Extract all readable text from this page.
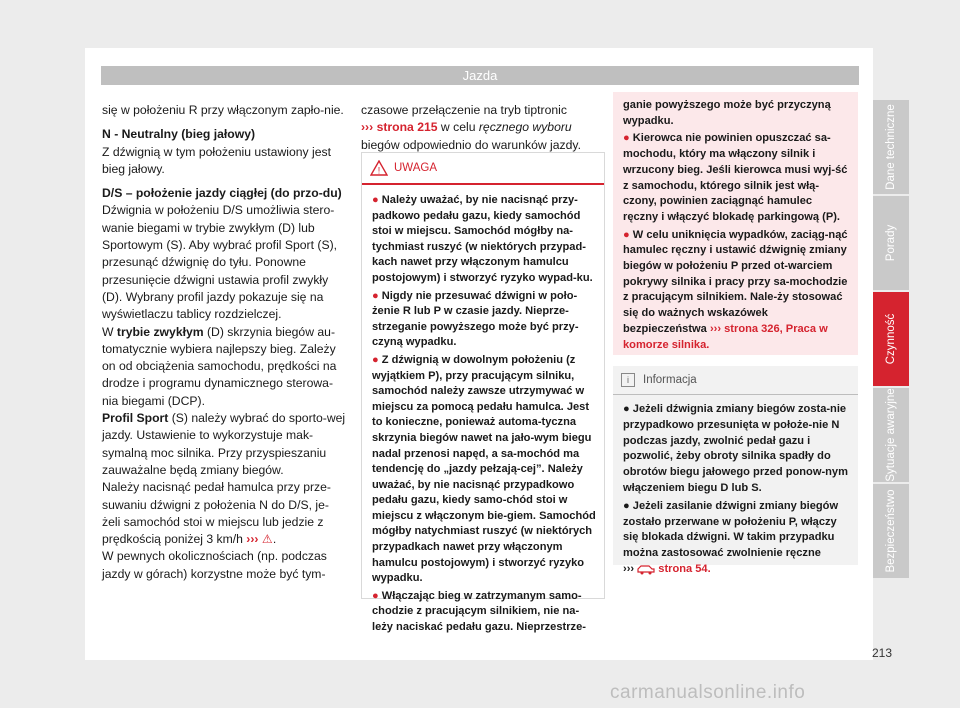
Jazda

się w położeniu R przy włączonym zapło-nie.

N - Neutralny (bieg jałowy)

Z dźwignią w tym położeniu ustawiony jest bieg jałowy.

D/S – położenie jazdy ciągłej (do przo-du)

Dźwignia w położeniu D/S umożliwia stero-wanie biegami w trybie zwykłym (D) lub Sportowym (S). Aby wybrać profil Sport (S), przesunąć dźwignię do tyłu. Ponowne przesunięcie dźwigni ustawia profil zwykły (D). Wybrany profil jazdy pokazuje się na wyświetlaczu tablicy rozdzielczej.

W trybie zwykłym (D) skrzynia biegów au-tomatycznie wybiera najlepszy bieg. Zależy on od obciążenia samochodu, prędkości na drodze i programu dynamicznego sterowa-nia biegami (DCP).

Profil Sport (S) należy wybrać do sporto-wej jazdy. Ustawienie to wykorzystuje mak-symalną moc silnika. Przy przyspieszaniu zauważalne będą zmiany biegów.

Należy nacisnąć pedał hamulca przy prze-suwaniu dźwigni z położenia N do D/S, je-żeli samochód stoi w miejscu lub jedzie z prędkością poniżej 3 km/h ››› ⚠.

W pewnych okolicznościach (np. podczas jazdy w górach) korzystne może być tym-

czasowe przełączenie na tryb tiptronic
››› strona 215 w celu ręcznego wyboru biegów odpowiednio do warunków jazdy.

! UWAGA
● Należy uważać, by nie nacisnąć przy-padkowo pedału gazu, kiedy samochód stoi w miejscu. Samochód mógłby na-tychmiast ruszyć (w niektórych przypad-kach nawet przy włączonym hamulcu postojowym) i stworzyć ryzyko wypad-ku.
● Nigdy nie przesuwać dźwigni w poło-żenie R lub P w czasie jazdy. Nieprze-strzeganie powyższego może być przy-czyną wypadku.
● Z dźwignią w dowolnym położeniu (z wyjątkiem P), przy pracującym silniku, samochód należy zawsze utrzymywać w miejscu za pomocą pedału hamulca. Jest to konieczne, ponieważ automa-tyczna skrzynia biegów nawet na jało-wym biegu nadal przenosi napęd, a sa-mochód ma tendencję do „jazdy pełzają-cej”. Należy uważać, by nie nacisnąć przypadkowo pedału gazu, kiedy samo-chód stoi w miejscu z włączonym bie-giem. Samochód mógłby natychmiast ruszyć (w niektórych przypadkach nawet przy włączonym hamulcu postojowym) i stworzyć ryzyko wypadku.
● Włączając bieg w zatrzymanym samo-chodzie z pracującym silnikiem, nie na-leży naciskać pedału gazu. Nieprzestrze-
ganie powyższego może być przyczyną wypadku.
● Kierowca nie powinien opuszczać sa-mochodu, który ma włączony silnik i wrzucony bieg. Jeśli kierowca musi wyj-ść z samochodu, którego silnik jest włą-czony, powinien zaciągnąć hamulec ręczny i włączyć blokadę parkingową (P).
● W celu uniknięcia wypadków, zaciąg-nąć hamulec ręczny i ustawić dźwignię zmiany biegów w położeniu P przed ot-warciem pokrywy silnika i pracy przy sa-mochodzie z pracującym silnikiem. Nale-ży stosować się do ważnych wskazówek bezpieczeństwa ››› strona 326, Praca w komorze silnika.
i Informacja
● Jeżeli dźwignia zmiany biegów zosta-nie przypadkowo przesunięta w położe-nie N podczas jazdy, zwolnić pedał gazu i pozwolić, żeby obroty silnika spadły do obrotów biegu jałowego przed ponow-nym włączeniem biegu D lub S.
● Jeżeli zasilanie dźwigni zmiany biegów zostało przerwane w położeniu P, włączy się blokada dźwigni. W takim przypadku można zastosować zwolnienie ręczne
››› strona 54.
Dane techniczne
Porady
Czynność
Sytuacje awaryjne
Bezpieczeństwo
213
carmanualsonline.info
